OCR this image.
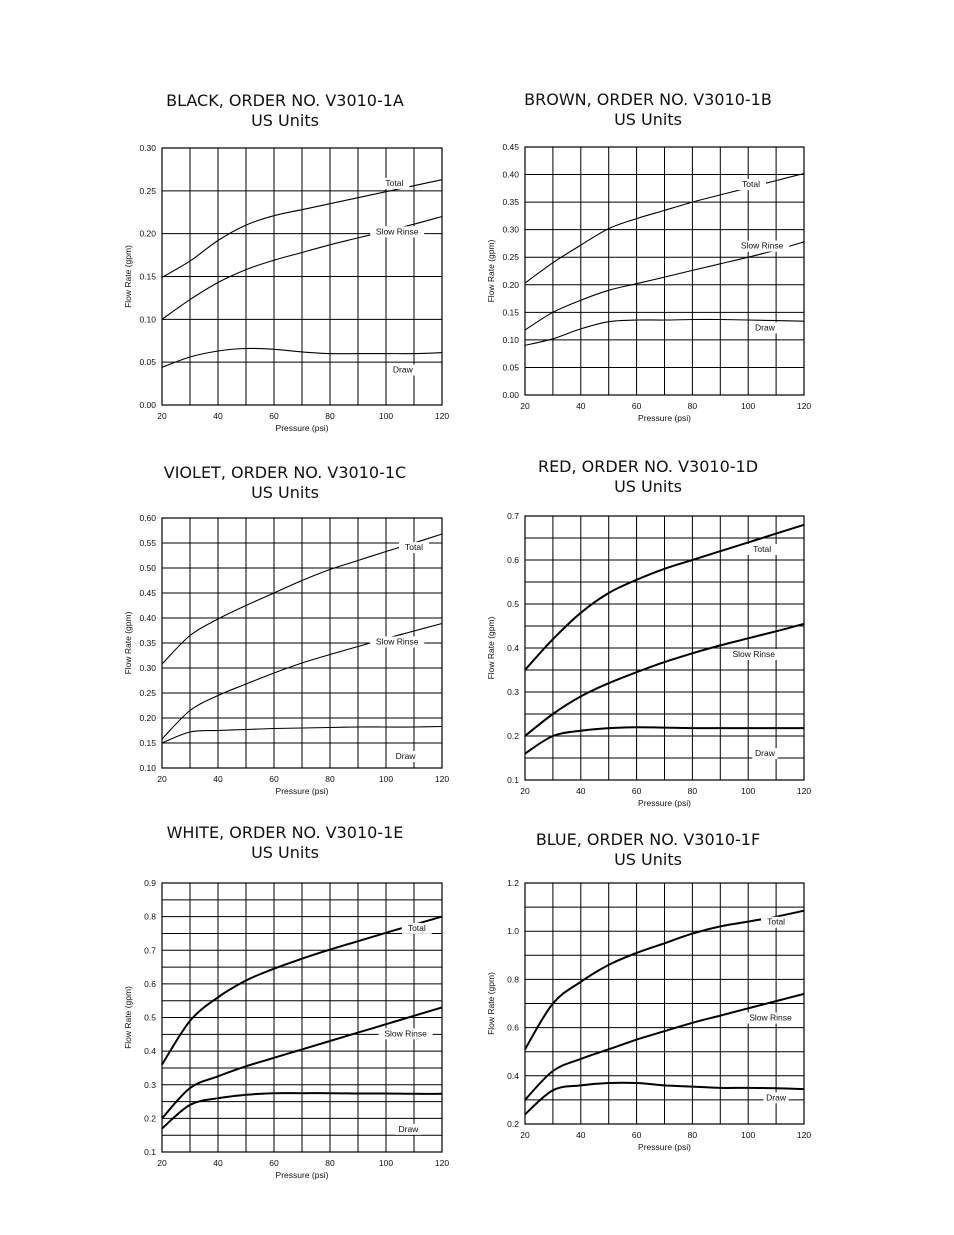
BLACK, ORDER NO. V3010-1A
US Units
20	40	60	80	100	120
0.00
0.05
0.10
0.15
0.20
0.25
0.30
Pressure (psi)
Flow Rate (gpm)
Total
Slow Rinse
Draw
BROWN, ORDER NO. V3010-1B
US Units
20	40	60	80	100	120
0.00
0.05
0.10
0.15
0.20
0.25
0.30
0.35
0.40
0.45
Pressure (psi)
Flow Rate (gpm)
Total
Slow Rinse
Draw
VIOLET, ORDER NO. V3010-1C
US Units
20	40	60	80	100	120
0.10
0.15
0.20
0.25
0.30
0.35
0.40
0.45
0.50
0.55
0.60
Pressure (psi)
Flow Rate (gpm)
Total
Slow Rinse
Draw
RED, ORDER NO. V3010-1D
US Units
20	40	60	80	100	120
0.1
0.2
0.3
0.4
0.5
0.6
0.7
Pressure (psi)
Flow Rate (gpm)
Total
Slow Rinse
Draw
WHITE, ORDER NO. V3010-1E
US Units
20	40	60	80	100	120
0.1
0.2
0.3
0.4
0.5
0.6
0.7
0.8
0.9
Pressure (psi)
Flow Rate (gpm)
Total
Slow Rinse
Draw
BLUE, ORDER NO. V3010-1F
US Units
20	40	60	80	100	120
0.2
0.4
0.6
0.8
1.0
1.2
Pressure (psi)
Flow Rate (gpm)
Total
Slow Rinse
Draw
